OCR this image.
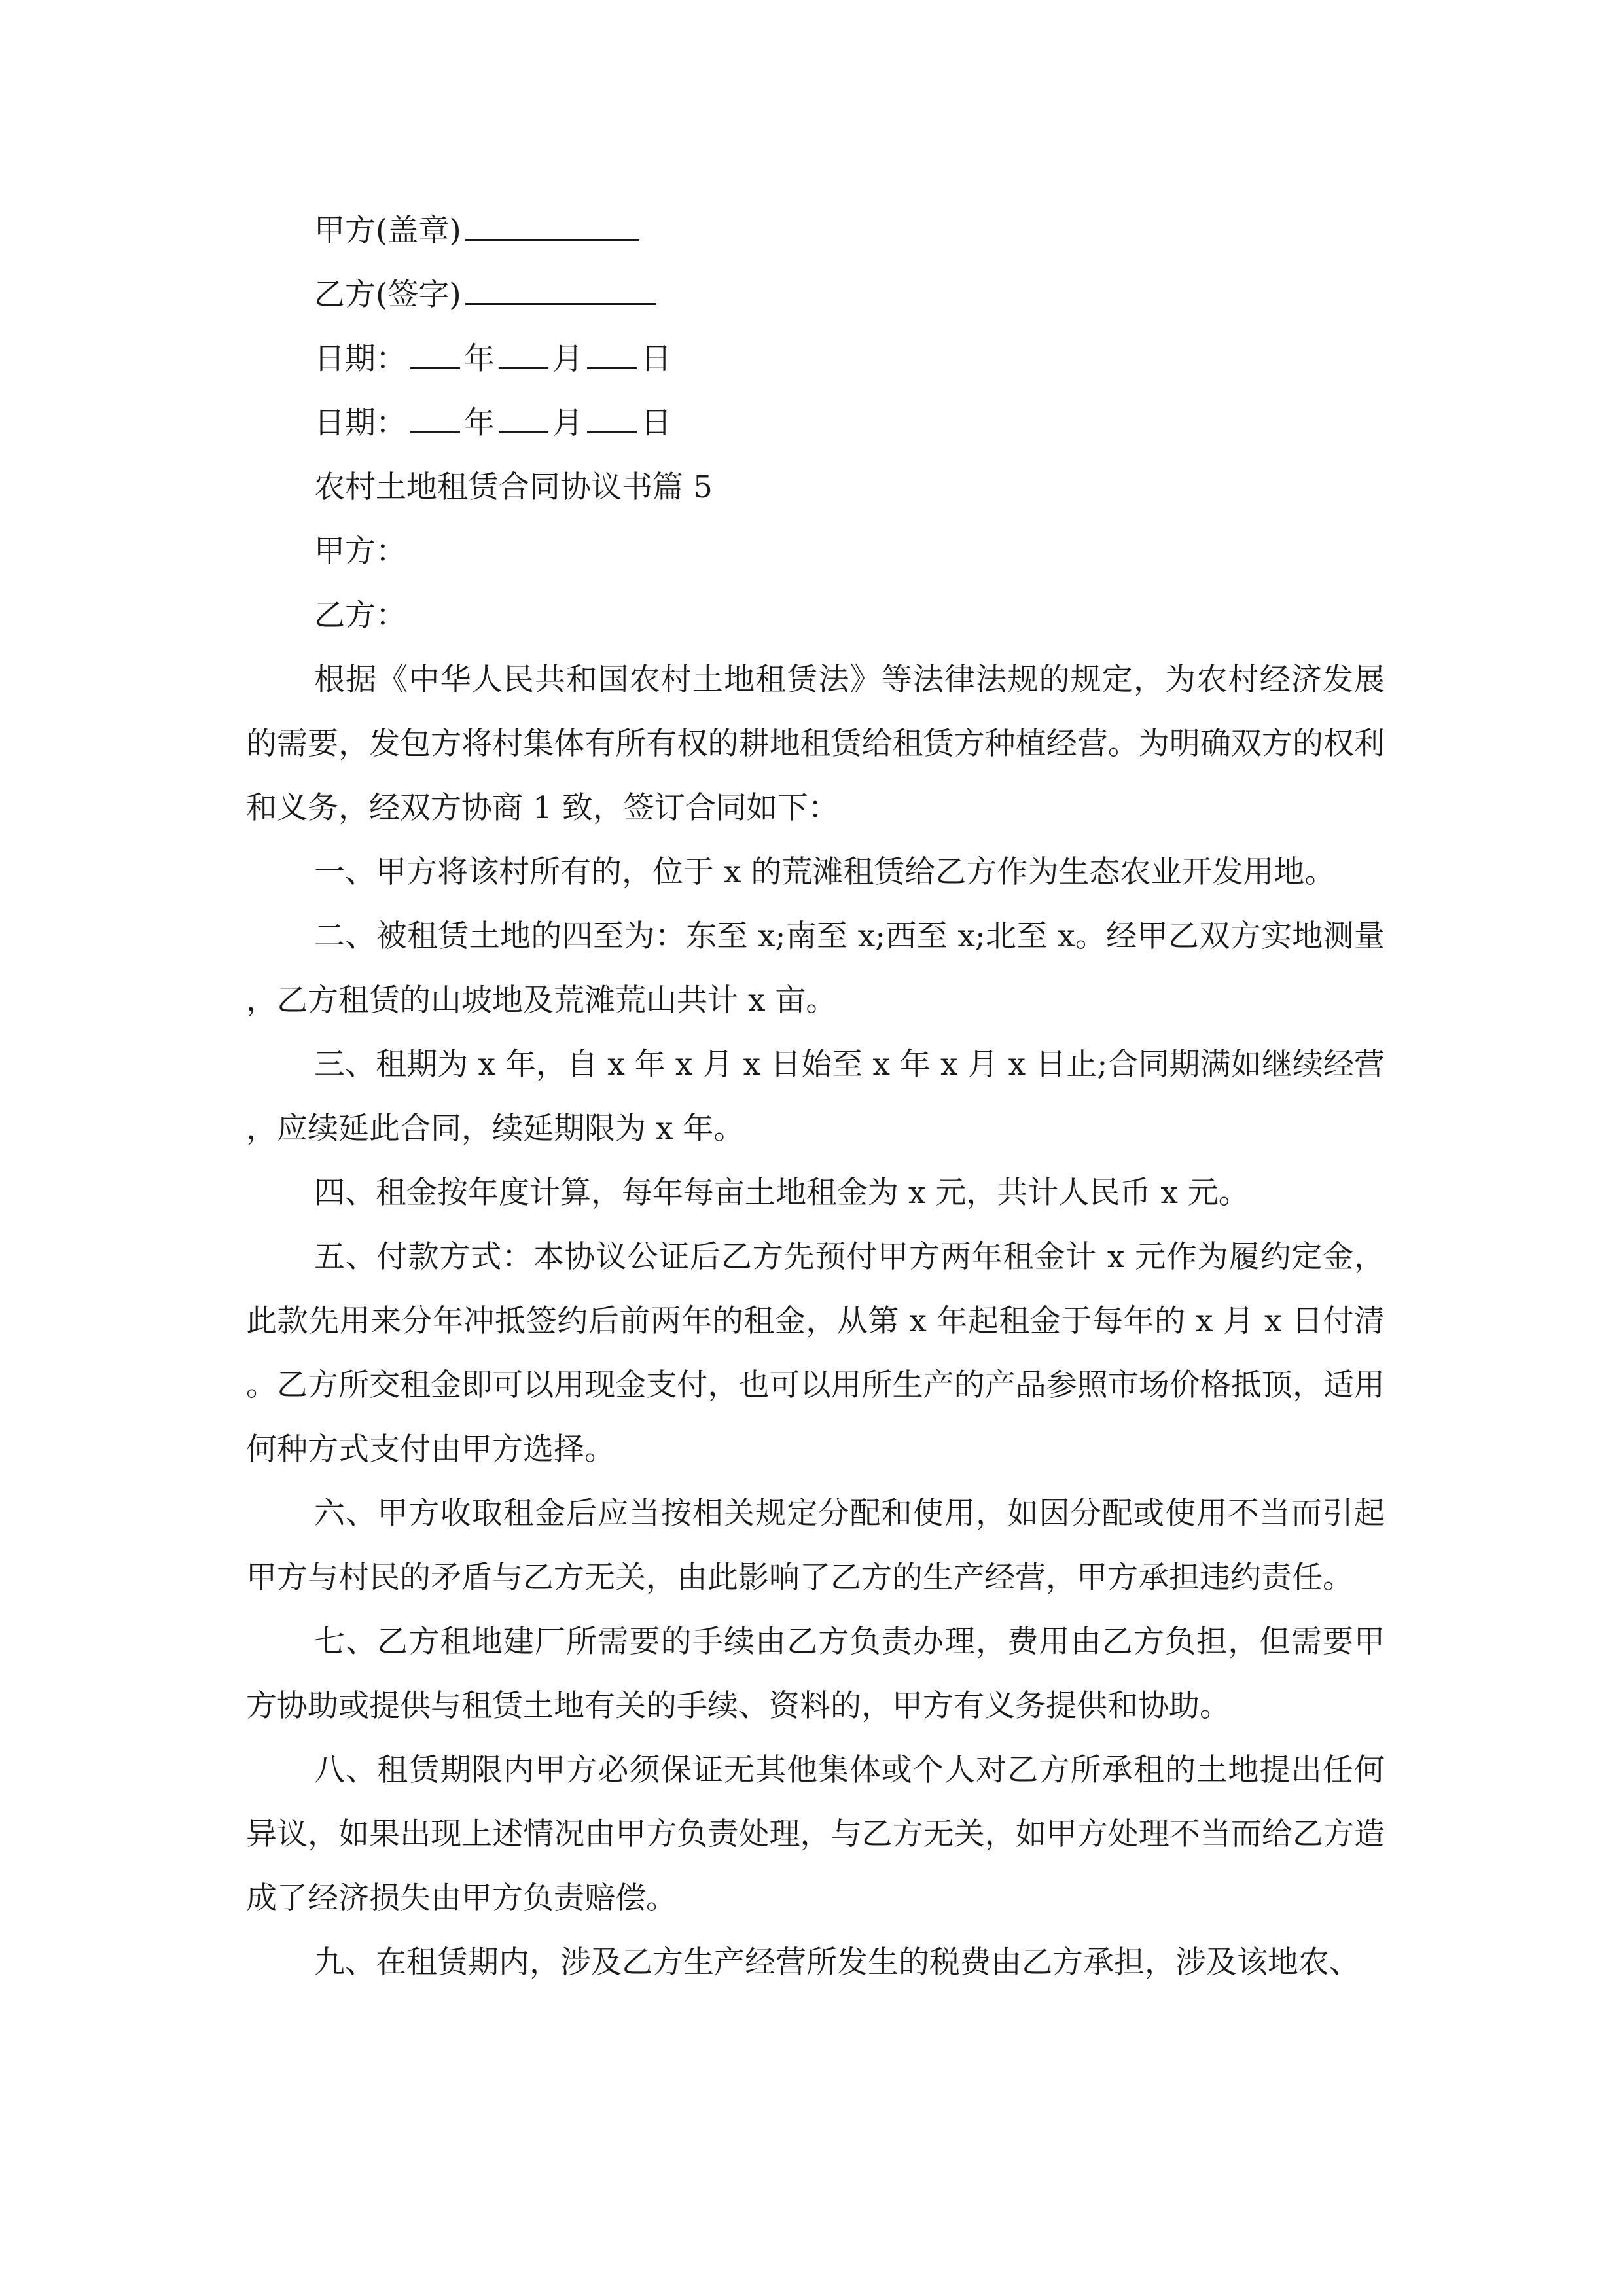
甲方(盖章)

乙方(签字)

日期： 年 月 日

日期： 年 月 日

农村土地租赁合同协议书篇 5

甲方：

乙方：

根据《中华人民共和国农村土地租赁法》等法律法规的规定，为农村经济发展的需要，发包方将村集体有所有权的耕地租赁给租赁方种植经营。为明确双方的权利和义务，经双方协商 1 致，签订合同如下：

一、甲方将该村所有的，位于 x 的荒滩租赁给乙方作为生态农业开发用地。

二、被租赁土地的四至为：东至 x;南至 x;西至 x;北至 x。经甲乙双方实地测量，乙方租赁的山坡地及荒滩荒山共计 x 亩。

三、租期为 x 年，自 x 年 x 月 x 日始至 x 年 x 月 x 日止;合同期满如继续经营，应续延此合同，续延期限为 x 年。

四、租金按年度计算，每年每亩土地租金为 x 元，共计人民币 x 元。

五、付款方式：本协议公证后乙方先预付甲方两年租金计 x 元作为履约定金，此款先用来分年冲抵签约后前两年的租金，从第 x 年起租金于每年的 x 月 x 日付清。乙方所交租金即可以用现金支付，也可以用所生产的产品参照市场价格抵顶，适用何种方式支付由甲方选择。

六、甲方收取租金后应当按相关规定分配和使用，如因分配或使用不当而引起甲方与村民的矛盾与乙方无关，由此影响了乙方的生产经营，甲方承担违约责任。

七、乙方租地建厂所需要的手续由乙方负责办理，费用由乙方负担，但需要甲方协助或提供与租赁土地有关的手续、资料的，甲方有义务提供和协助。

八、租赁期限内甲方必须保证无其他集体或个人对乙方所承租的土地提出任何异议，如果出现上述情况由甲方负责处理，与乙方无关，如甲方处理不当而给乙方造成了经济损失由甲方负责赔偿。

九、在租赁期内，涉及乙方生产经营所发生的税费由乙方承担，涉及该地农、
